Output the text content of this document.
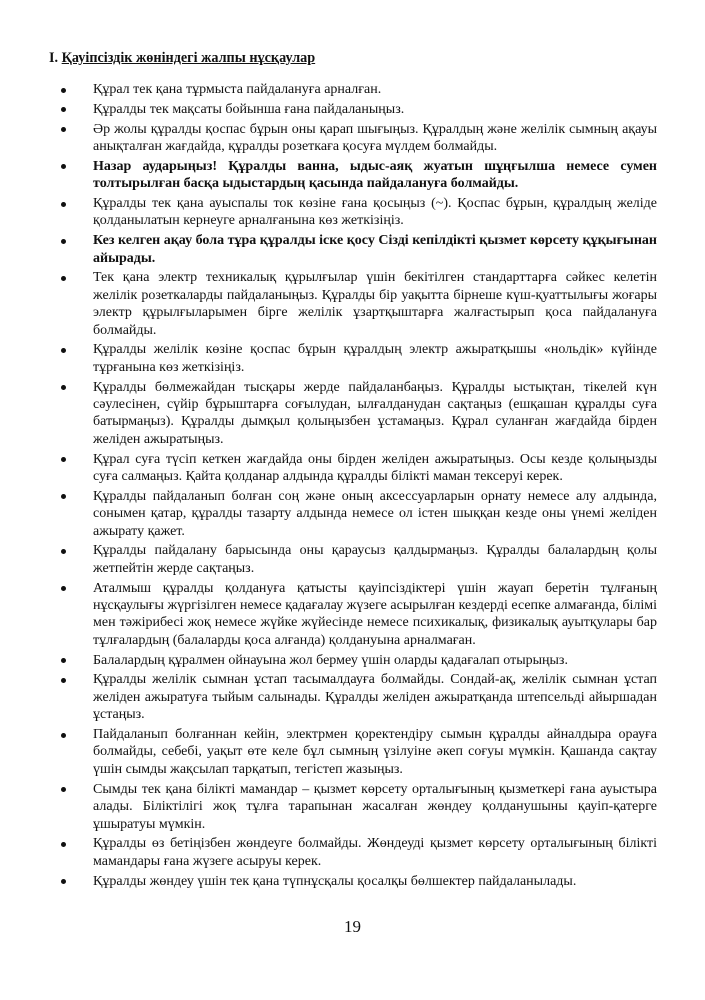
I. Қауіпсіздік жөніндегі жалпы нұсқаулар
Құрал тек қана тұрмыста пайдалануға арналған.
Құралды тек мақсаты бойынша ғана пайдаланыңыз.
Әр жолы құралды қоспас бұрын оны қарап шығыңыз. Құралдың және желілік сымның ақауы анықталған жағдайда, құралды розеткаға қосуға мүлдем болмайды.
Назар аударыңыз! Құралды ванна, ыдыс-аяқ жуатын шұңғылша немесе сумен толтырылған басқа ыдыстардың қасында пайдалануға болмайды.
Құралды тек қана ауыспалы ток көзіне ғана қосыңыз (~). Қоспас бұрын, құралдың желіде қолданылатын кернеуге арналғанына көз жеткізіңіз.
Кез келген ақау бола тұра құралды іске қосу Сізді кепілдікті қызмет көрсету құқығынан айырады.
Тек қана электр техникалық құрылғылар үшін бекітілген стандарттарға сәйкес келетін желілік розеткаларды пайдаланыңыз. Құралды бір уақытта бірнеше күш-қуаттылығы жоғары электр құрылғыларымен бірге желілік ұзартқыштарға жалғастырып қоса пайдалануға болмайды.
Құралды желілік көзіне қоспас бұрын құралдың электр ажыратқышы «нольдік» күйінде тұрғанына көз жеткізіңіз.
Құралды бөлмежайдан тысқары жерде пайдаланбаңыз. Құралды ыстықтан, тікелей күн сәулесінен, сүйір бұрыштарға соғылудан, ылғалданудан сақтаңыз (ешқашан құралды суға батырмаңыз). Құралды дымқыл қолыңызбен ұстамаңыз. Құрал суланған жағдайда бірден желіден ажыратыңыз.
Құрал суға түсіп кеткен жағдайда оны бірден желіден ажыратыңыз. Осы кезде қолыңызды суға салмаңыз. Қайта қолданар алдында құралды білікті маман тексеруі керек.
Құралды пайдаланып болған соң және оның аксессуарларын орнату немесе алу алдында, сонымен қатар, құралды тазарту алдында немесе ол істен шыққан кезде оны үнемі желіден ажырату қажет.
Құралды пайдалану барысында оны қараусыз қалдырмаңыз. Құралды балалардың қолы жетпейтін жерде сақтаңыз.
Аталмыш құралды қолдануға қатысты қауіпсіздіктері үшін жауап беретін тұлғаның нұсқаулығы жүргізілген немесе қадағалау жүзеге асырылған кездерді есепке алмағанда, білімі мен тәжірибесі жоқ немесе жүйке жүйесінде немесе психикалық, физикалық ауытқулары бар тұлғалардың (балаларды қоса алғанда) қолдануына арналмаған.
Балалардың құралмен ойнауына жол бермеу үшін оларды қадағалап отырыңыз.
Құралды желілік сымнан ұстап тасымалдауға болмайды. Сондай-ақ, желілік сымнан ұстап желіден ажыратуға тыйым салынады. Құралды желіден ажыратқанда штепсельді айыршадан ұстаңыз.
Пайдаланып болғаннан кейін, электрмен қоректендіру сымын құралды айналдыра орауға болмайды, себебі, уақыт өте келе бұл сымның үзілуіне әкеп соғуы мүмкін. Қашанда сақтау үшін сымды жақсылап тарқатып, тегістеп жазыңыз.
Сымды тек қана білікті мамандар – қызмет көрсету орталығының қызметкері ғана ауыстыра алады. Біліктілігі жоқ тұлға тарапынан жасалған жөндеу қолданушыны қауіп-қатерге ұшыратуы мүмкін.
Құралды өз бетіңізбен жөндеуге болмайды. Жөндеуді қызмет көрсету орталығының білікті мамандары ғана жүзеге асыруы керек.
Құралды жөндеу үшін тек қана түпнұсқалы қосалқы бөлшектер пайдаланылады.
19
